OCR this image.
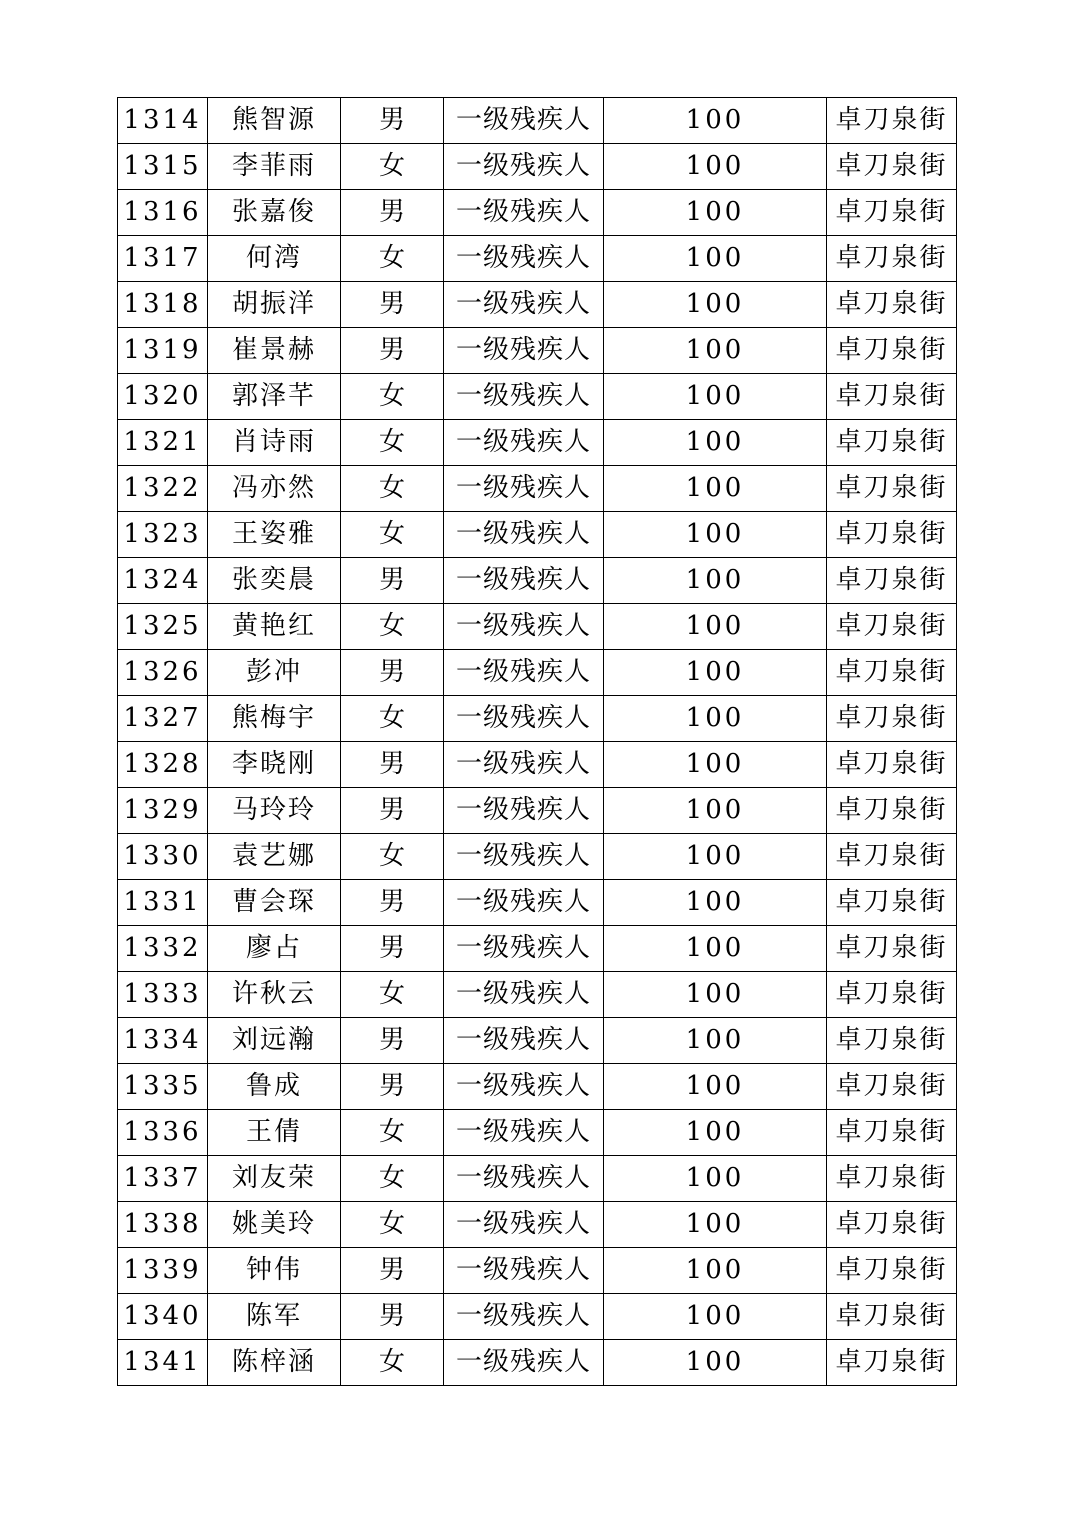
1314	熊智源	男	一级残疾人	100	卓刀泉街
1315	李菲雨	女	一级残疾人	100	卓刀泉街
1316	张嘉俊	男	一级残疾人	100	卓刀泉街
1317	何湾	女	一级残疾人	100	卓刀泉街
1318	胡振洋	男	一级残疾人	100	卓刀泉街
1319	崔景赫	男	一级残疾人	100	卓刀泉街
1320	郭泽芊	女	一级残疾人	100	卓刀泉街
1321	肖诗雨	女	一级残疾人	100	卓刀泉街
1322	冯亦然	女	一级残疾人	100	卓刀泉街
1323	王姿雅	女	一级残疾人	100	卓刀泉街
1324	张奕晨	男	一级残疾人	100	卓刀泉街
1325	黄艳红	女	一级残疾人	100	卓刀泉街
1326	彭冲	男	一级残疾人	100	卓刀泉街
1327	熊梅宇	女	一级残疾人	100	卓刀泉街
1328	李晓刚	男	一级残疾人	100	卓刀泉街
1329	马玲玲	男	一级残疾人	100	卓刀泉街
1330	袁艺娜	女	一级残疾人	100	卓刀泉街
1331	曹会琛	男	一级残疾人	100	卓刀泉街
1332	廖占	男	一级残疾人	100	卓刀泉街
1333	许秋云	女	一级残疾人	100	卓刀泉街
1334	刘远瀚	男	一级残疾人	100	卓刀泉街
1335	鲁成	男	一级残疾人	100	卓刀泉街
1336	王倩	女	一级残疾人	100	卓刀泉街
1337	刘友荣	女	一级残疾人	100	卓刀泉街
1338	姚美玲	女	一级残疾人	100	卓刀泉街
1339	钟伟	男	一级残疾人	100	卓刀泉街
1340	陈军	男	一级残疾人	100	卓刀泉街
1341	陈梓涵	女	一级残疾人	100	卓刀泉街
